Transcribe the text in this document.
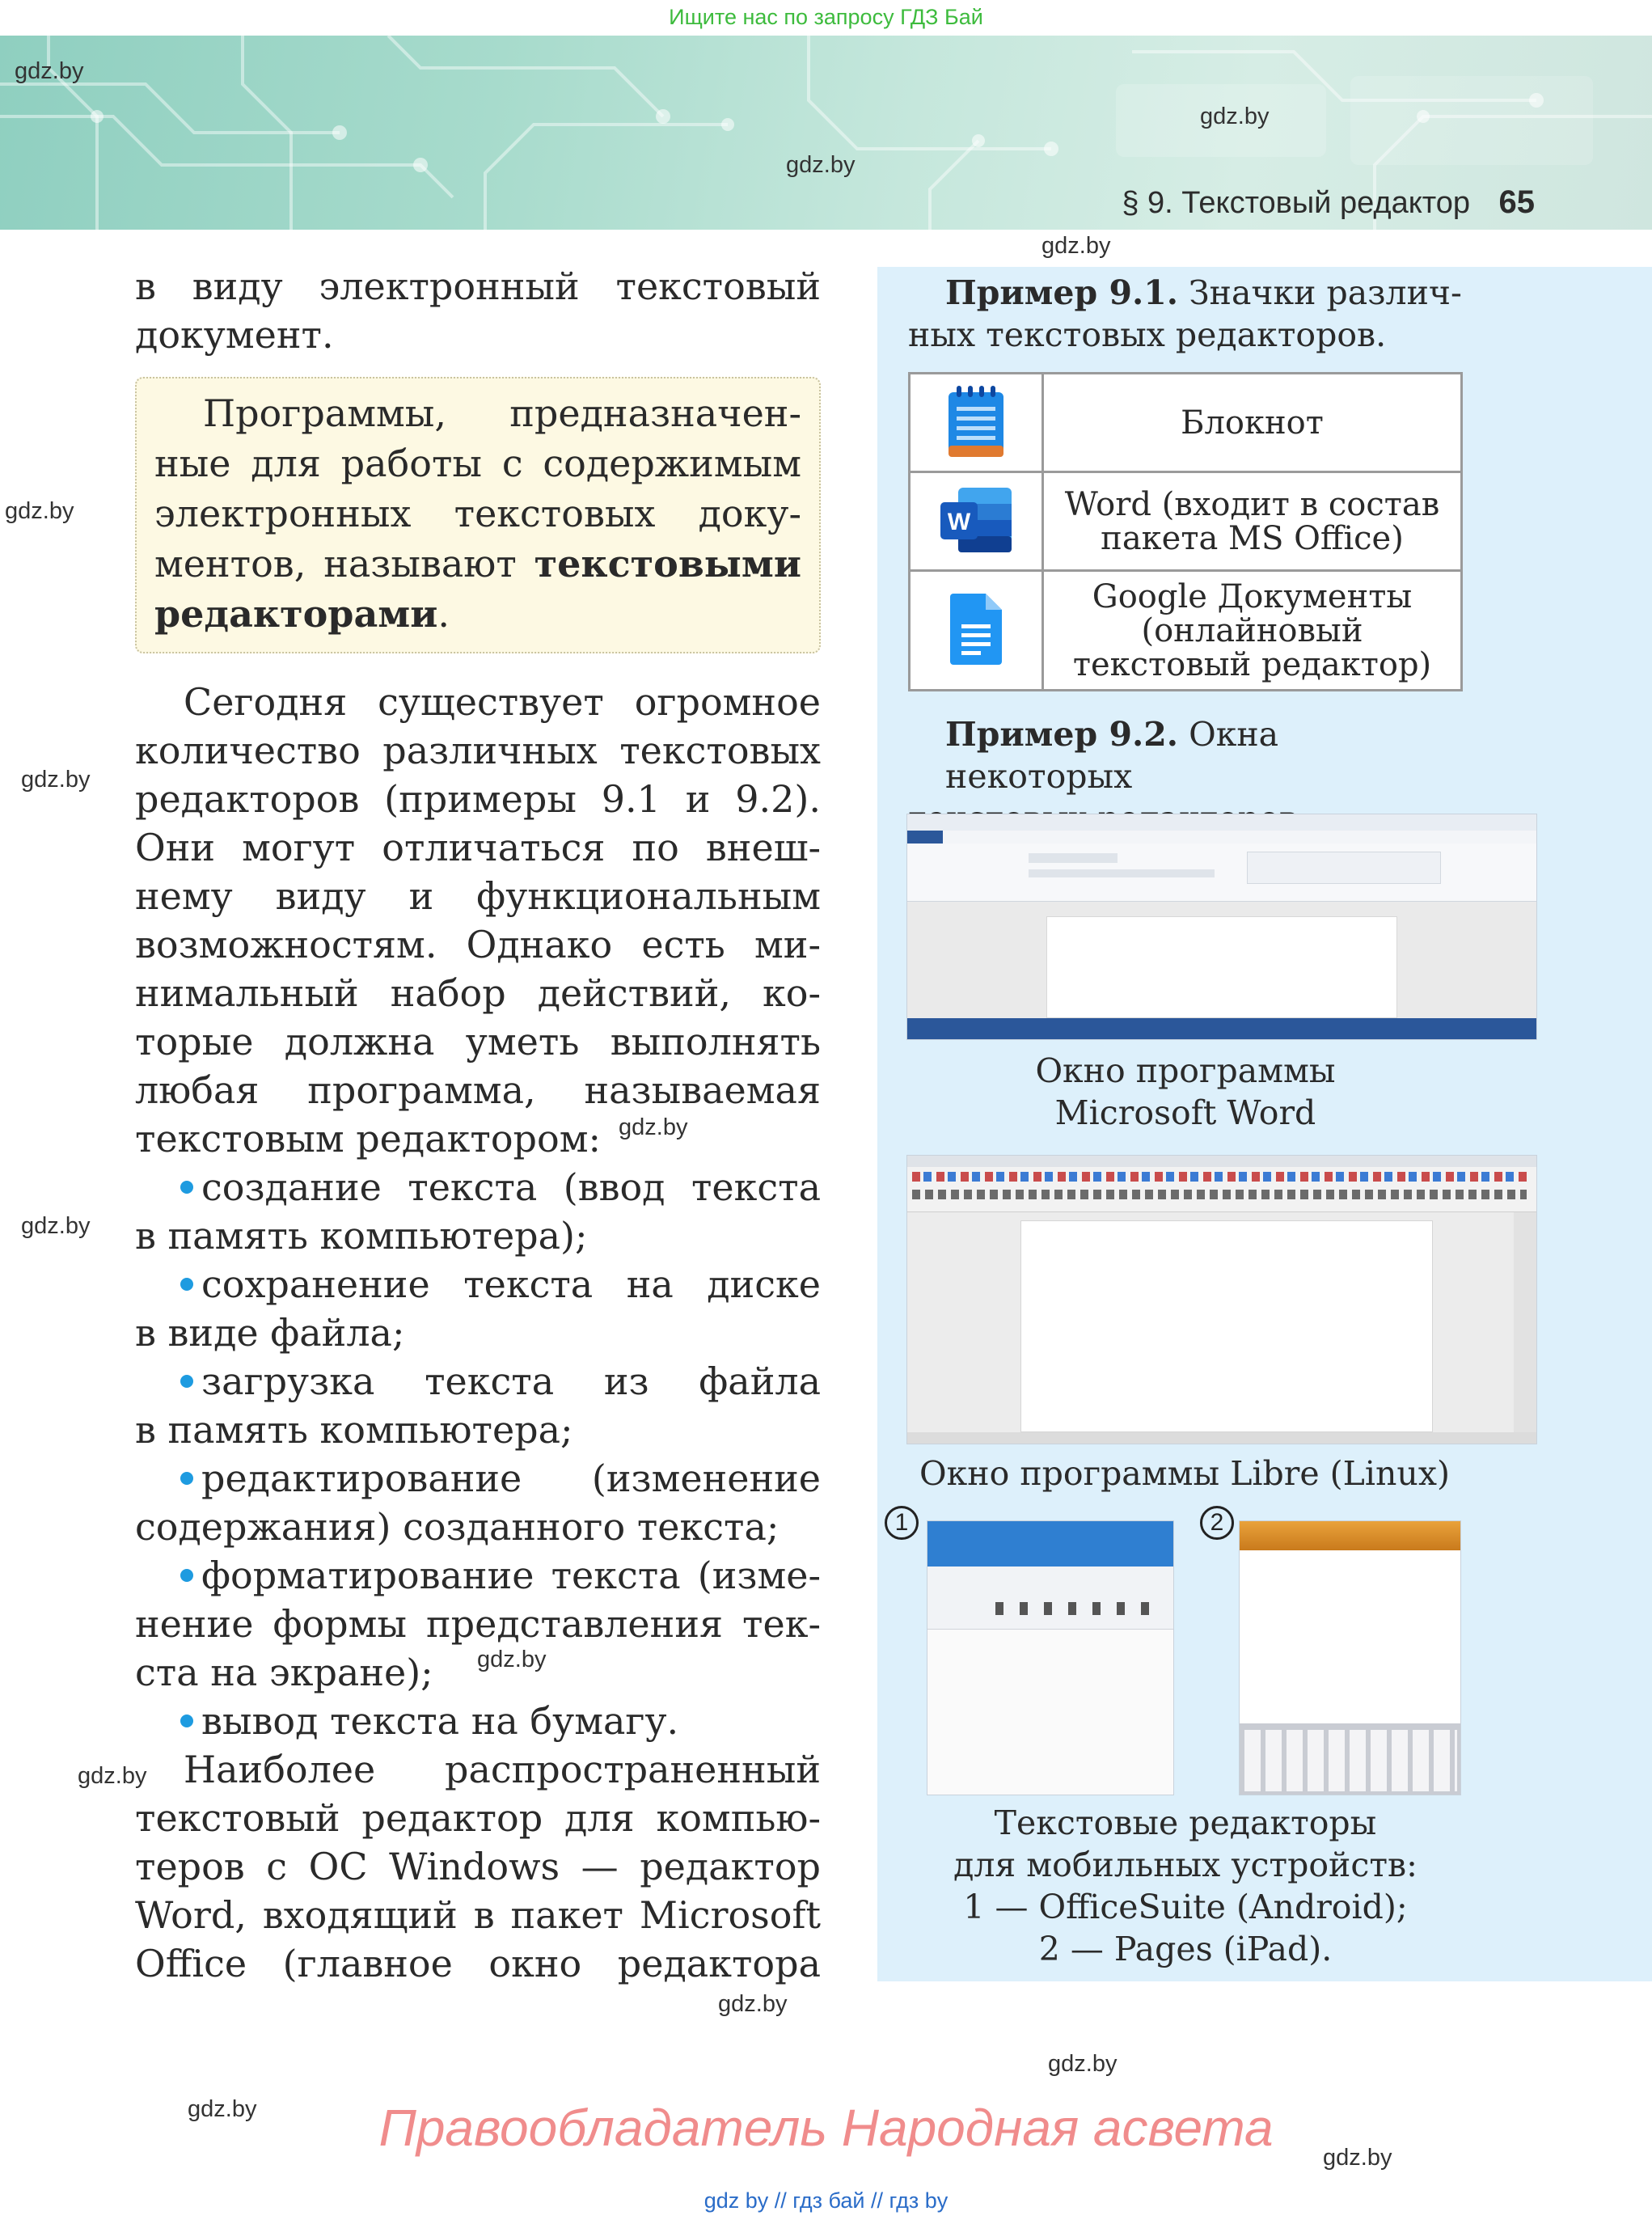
Ищите нас по запросу ГДЗ Бай
§ 9. Текстовый редактор 65
gdz.by
gdz.by
gdz.by
gdz.by
gdz.by
gdz.by
gdz.by
gdz.by
gdz.by
gdz.by
gdz.by
gdz.by
gdz.by
gdz.by
в виду электронный текстовый
документ.
Программы, предназначен-
ные для работы с содержимым
электронных текстовых доку-
ментов, называют текстовыми
редакторами.
Сегодня существует огромное
количество различных текстовых
редакторов (примеры 9.1 и 9.2).
Они могут отличаться по внеш-
нему виду и функциональным
возможностям. Однако есть ми-
нимальный набор действий, ко-
торые должна уметь выполнять
любая программа, называемая
текстовым редактором:
создание текста (ввод текста
в память компьютера);
сохранение текста на диске
в виде файла;
загрузка текста из файла
в память компьютера;
редактирование (изменение
содержания) созданного текста;
форматирование текста (изме-
нение формы представления тек-
ста на экране);
вывод текста на бумагу.
Наиболее распространенный
текстовый редактор для компью-
теров с ОС Windows — редактор
Word, входящий в пакет Microsoft
Office (главное окно редактора
Пример 9.1. Значки различ-
ных текстовых редакторов.

Блокнот

W	Word (входит в состав
пакета MS Office)

Google Документы
(онлайновый
текстовый редактор)
Пример 9.2. Окна некоторых
Окно программы
Microsoft Word
Окно программы Libre (Linux)
1	2
Текстовые редакторы
для мобильных устройств:
1 — OfficeSuite (Android);
2 — Pages (iPad).
Правообладатель Народная асвета
gdz by // гдз бай // гдз by
